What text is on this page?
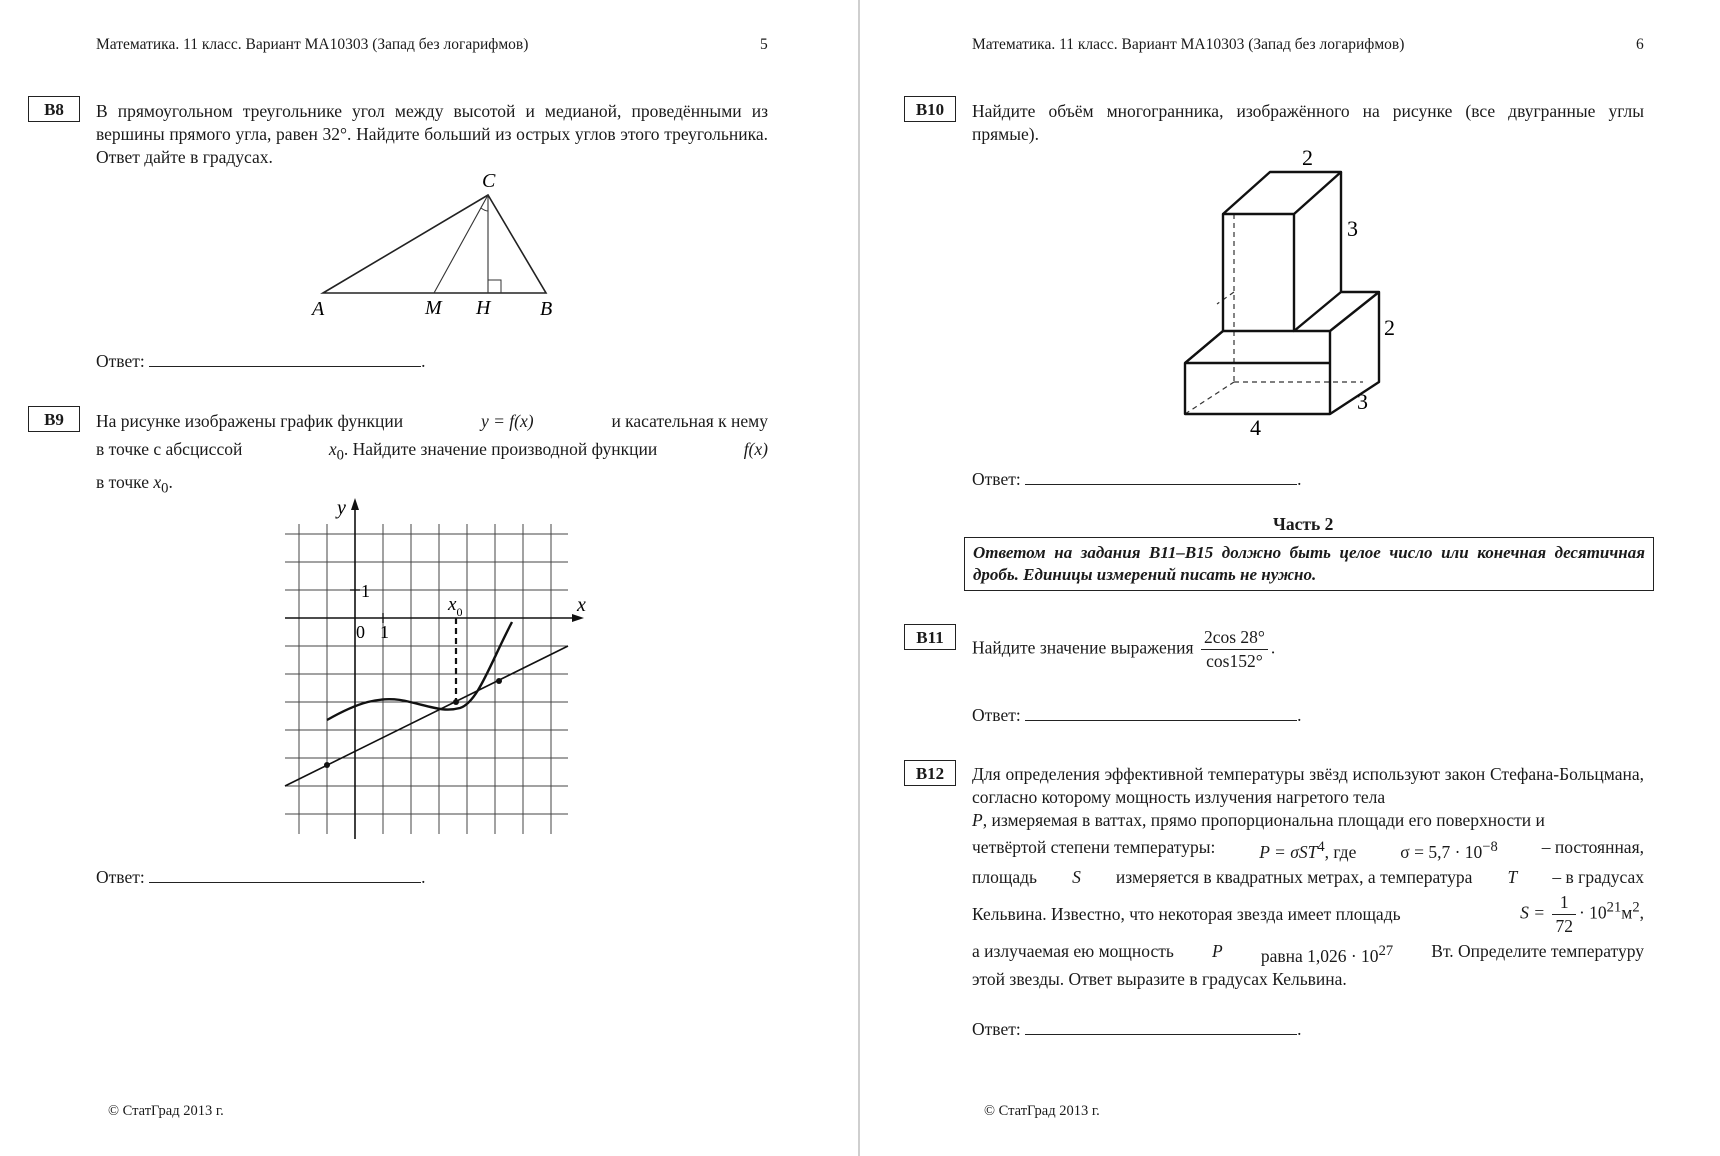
Математика. 11 класс. Вариант МА10303 (Запад без логарифмов)	5
B8	В прямоугольном треугольнике угол между высотой и медианой, проведёнными из вершины прямого угла, равен 32°. Найдите больший из острых углов этого треугольника. Ответ дайте в градусах.
C
A	M H B
Ответ:	.
B9	На рисунке изображены график функции	y = f(x)	и касательная к нему

в точке с абсциссой	$x_0$. Найдите значение производной функции	f(x)

в точке $x_0$.

y
x
1
0 1
$x_0$
Ответ:	.
© СтатГрад 2013 г.
Математика. 11 класс. Вариант МА10303 (Запад без логарифмов)	6
B10	Найдите объём многогранника, изображённого на рисунке (все двугранные углы прямые).
2
3
2
3
4
Ответ:	.
Часть 2
Ответом на задания B11–B15 должно быть целое число или конечная десятичная дробь. Единицы измерений писать не нужно.
B11
Найдите значение выражения $\frac{2\cos 28^\circ}{\cos 152^\circ}$ .
Ответ:	.
B12	Для определения эффективной температуры звёзд используют закон Стефана-Больцмана, согласно которому мощность излучения нагретого тела

P, измеряемая в ваттах, прямо пропорциональна площади его поверхности и

четвёртой степени температуры:	P = σST$^4$, где	$\sigma = 5,7 \cdot 10^{-8}$	– постоянная,

площадь S измеряется в квадратных метрах, а температура T – в градусах

Кельвина. Известно, что некоторая звезда имеет площадь	$S = \frac{1}{72} \cdot 10^{21}м^2$,

а излучаемая ею мощность P равна $1,026 \cdot 10^{27}$ Вт. Определите температуру

этой звезды. Ответ выразите в градусах Кельвина.

Ответ:	.
© СтатГрад 2013 г.
